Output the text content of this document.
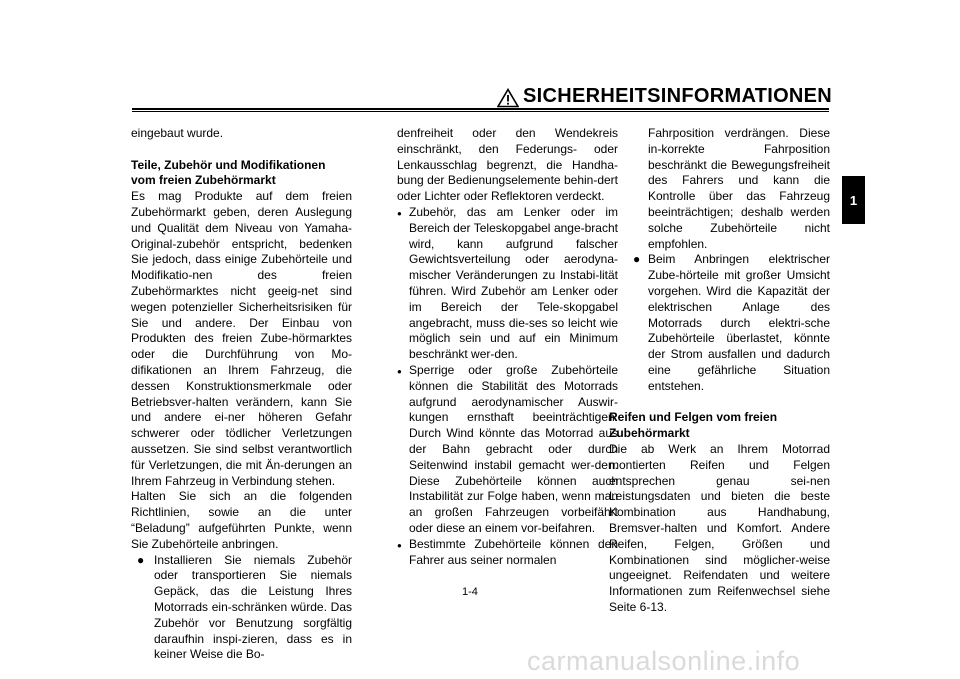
SICHERHEITSINFORMATIONEN
1

eingebaut wurde.

Teile, Zubehör und Modifikationen vom freien Zubehörmarkt

Es mag Produkte auf dem freien Zubehörmarkt geben, deren Auslegung und Qualität dem Niveau von Yamaha-Original-zubehör entspricht, bedenken Sie jedoch, dass einige Zubehörteile und Modifikatio-nen des freien Zubehörmarktes nicht geeig-net sind wegen potenzieller Sicherheitsrisiken für Sie und andere. Der Einbau von Produkten des freien Zube-hörmarktes oder die Durchführung von Mo-difikationen an Ihrem Fahrzeug, die dessen Konstruktionsmerkmale oder Betriebsver-halten verändern, kann Sie und andere ei-ner höheren Gefahr schwerer oder tödlicher Verletzungen aussetzen. Sie sind selbst verantwortlich für Verletzungen, die mit Än-derungen an Ihrem Fahrzeug in Verbindung stehen.

Halten Sie sich an die folgenden Richtlinien, sowie an die unter “Beladung” aufgeführten Punkte, wenn Sie Zubehörteile anbringen.

● Installieren Sie niemals Zubehör oder transportieren Sie niemals Gepäck, das die Leistung Ihres Motorrads ein-schränken würde. Das Zubehör vor Benutzung sorgfältig daraufhin inspi-zieren, dass es in keiner Weise die Bo-

denfreiheit oder den Wendekreis einschränkt, den Federungs- oder Lenkausschlag begrenzt, die Handha-bung der Bedienungselemente behin-dert oder Lichter oder Reflektoren verdeckt.

● Zubehör, das am Lenker oder im Bereich der Teleskopgabel ange-bracht wird, kann aufgrund falscher Gewichtsverteilung oder aerodyna-mischer Veränderungen zu Instabi-lität führen. Wird Zubehör am Lenker oder im Bereich der Tele-skopgabel angebracht, muss die-ses so leicht wie möglich sein und auf ein Minimum beschränkt wer-den.
● Sperrige oder große Zubehörteile können die Stabilität des Motorrads aufgrund aerodynamischer Auswir-kungen ernsthaft beeinträchtigen. Durch Wind könnte das Motorrad aus der Bahn gebracht oder durch Seitenwind instabil gemacht wer-den. Diese Zubehörteile können auch Instabilität zur Folge haben, wenn man an großen Fahrzeugen vorbeifährt oder diese an einem vor-beifahren.
● Bestimmte Zubehörteile können den Fahrer aus seiner normalen

Fahrposition verdrängen. Diese in-korrekte Fahrposition beschränkt die Bewegungsfreiheit des Fahrers und kann die Kontrolle über das Fahrzeug beeinträchtigen; deshalb werden solche Zubehörteile nicht empfohlen.

● Beim Anbringen elektrischer Zube-hörteile mit großer Umsicht vorgehen. Wird die Kapazität der elektrischen Anlage des Motorrads durch elektri-sche Zubehörteile überlastet, könnte der Strom ausfallen und dadurch eine gefährliche Situation entstehen.

Reifen und Felgen vom freien Zubehörmarkt

Die ab Werk an Ihrem Motorrad montierten Reifen und Felgen entsprechen genau sei-nen Leistungsdaten und bieten die beste Kombination aus Handhabung, Bremsver-halten und Komfort. Andere Reifen, Felgen, Größen und Kombinationen sind möglicher-weise ungeeignet. Reifendaten und weitere Informationen zum Reifenwechsel siehe Seite 6-13.

1-4
carmanualsonline.info
